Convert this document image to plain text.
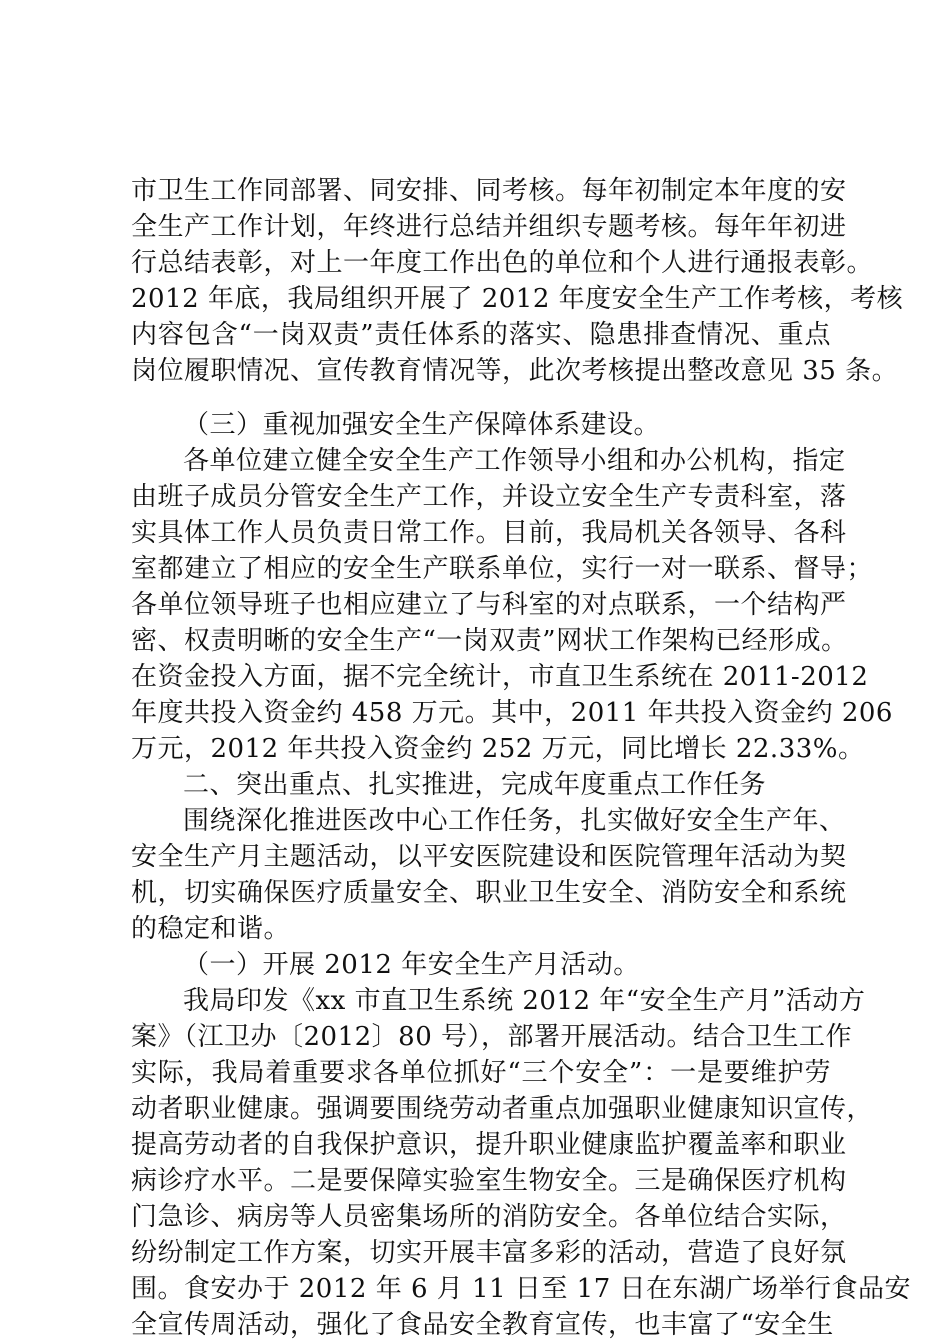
市卫生工作同部署、同安排、同考核。每年初制定本年度的安
全生产工作计划，年终进行总结并组织专题考核。每年年初进
行总结表彰，对上一年度工作出色的单位和个人进行通报表彰。
2012 年底，我局组织开展了 2012 年度安全生产工作考核，考核
内容包含“一岗双责”责任体系的落实、隐患排查情况、重点
岗位履职情况、宣传教育情况等，此次考核提出整改意见 35 条。
（三）重视加强安全生产保障体系建设。
各单位建立健全安全生产工作领导小组和办公机构，指定
由班子成员分管安全生产工作，并设立安全生产专责科室，落
实具体工作人员负责日常工作。目前，我局机关各领导、各科
室都建立了相应的安全生产联系单位，实行一对一联系、督导；
各单位领导班子也相应建立了与科室的对点联系，一个结构严
密、权责明晰的安全生产“一岗双责”网状工作架构已经形成。
在资金投入方面，据不完全统计，市直卫生系统在 2011-2012
年度共投入资金约 458 万元。其中，2011 年共投入资金约 206
万元，2012 年共投入资金约 252 万元，同比增长 22.33%。
二、突出重点、扎实推进，完成年度重点工作任务
围绕深化推进医改中心工作任务，扎实做好安全生产年、
安全生产月主题活动，以平安医院建设和医院管理年活动为契
机，切实确保医疗质量安全、职业卫生安全、消防安全和系统
的稳定和谐。
（一）开展 2012 年安全生产月活动。
我局印发《xx 市直卫生系统 2012 年“安全生产月”活动方
案》（江卫办〔2012〕80 号），部署开展活动。结合卫生工作
实际，我局着重要求各单位抓好“三个安全”：一是要维护劳
动者职业健康。强调要围绕劳动者重点加强职业健康知识宣传，
提高劳动者的自我保护意识，提升职业健康监护覆盖率和职业
病诊疗水平。二是要保障实验室生物安全。三是确保医疗机构
门急诊、病房等人员密集场所的消防安全。各单位结合实际，
纷纷制定工作方案，切实开展丰富多彩的活动，营造了良好氛
围。食安办于 2012 年 6 月 11 日至 17 日在东湖广场举行食品安
全宣传周活动，强化了食品安全教育宣传，也丰富了“安全生
